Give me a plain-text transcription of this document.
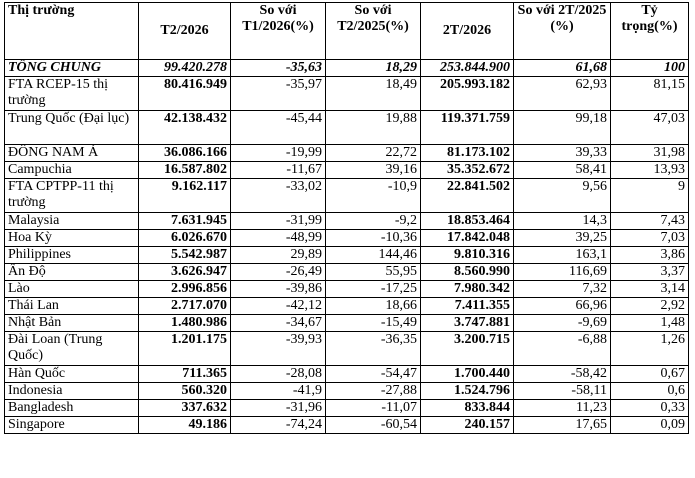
Thị trường	T2/2026	So với T1/2026(%)	So với T2/2025(%)	2T/2026	So với 2T/2025 (%)	Tỷ trọng(%)
TỔNG CHUNG	99.420.278	-35,63	18,29	253.844.900	61,68	100
FTA RCEP-15 thị trường	80.416.949	-35,97	18,49	205.993.182	62,93	81,15
Trung Quốc (Đại lục)	42.138.432	-45,44	19,88	119.371.759	99,18	47,03
ĐÔNG NAM Á	36.086.166	-19,99	22,72	81.173.102	39,33	31,98
Campuchia	16.587.802	-11,67	39,16	35.352.672	58,41	13,93
FTA CPTPP-11 thị trường	9.162.117	-33,02	-10,9	22.841.502	9,56	9
Malaysia	7.631.945	-31,99	-9,2	18.853.464	14,3	7,43
Hoa Kỳ	6.026.670	-48,99	-10,36	17.842.048	39,25	7,03
Philippines	5.542.987	29,89	144,46	9.810.316	163,1	3,86
Ấn Độ	3.626.947	-26,49	55,95	8.560.990	116,69	3,37
Lào	2.996.856	-39,86	-17,25	7.980.342	7,32	3,14
Thái Lan	2.717.070	-42,12	18,66	7.411.355	66,96	2,92
Nhật Bản	1.480.986	-34,67	-15,49	3.747.881	-9,69	1,48
Đài Loan (Trung Quốc)	1.201.175	-39,93	-36,35	3.200.715	-6,88	1,26
Hàn Quốc	711.365	-28,08	-54,47	1.700.440	-58,42	0,67
Indonesia	560.320	-41,9	-27,88	1.524.796	-58,11	0,6
Bangladesh	337.632	-31,96	-11,07	833.844	11,23	0,33
Singapore	49.186	-74,24	-60,54	240.157	17,65	0,09
